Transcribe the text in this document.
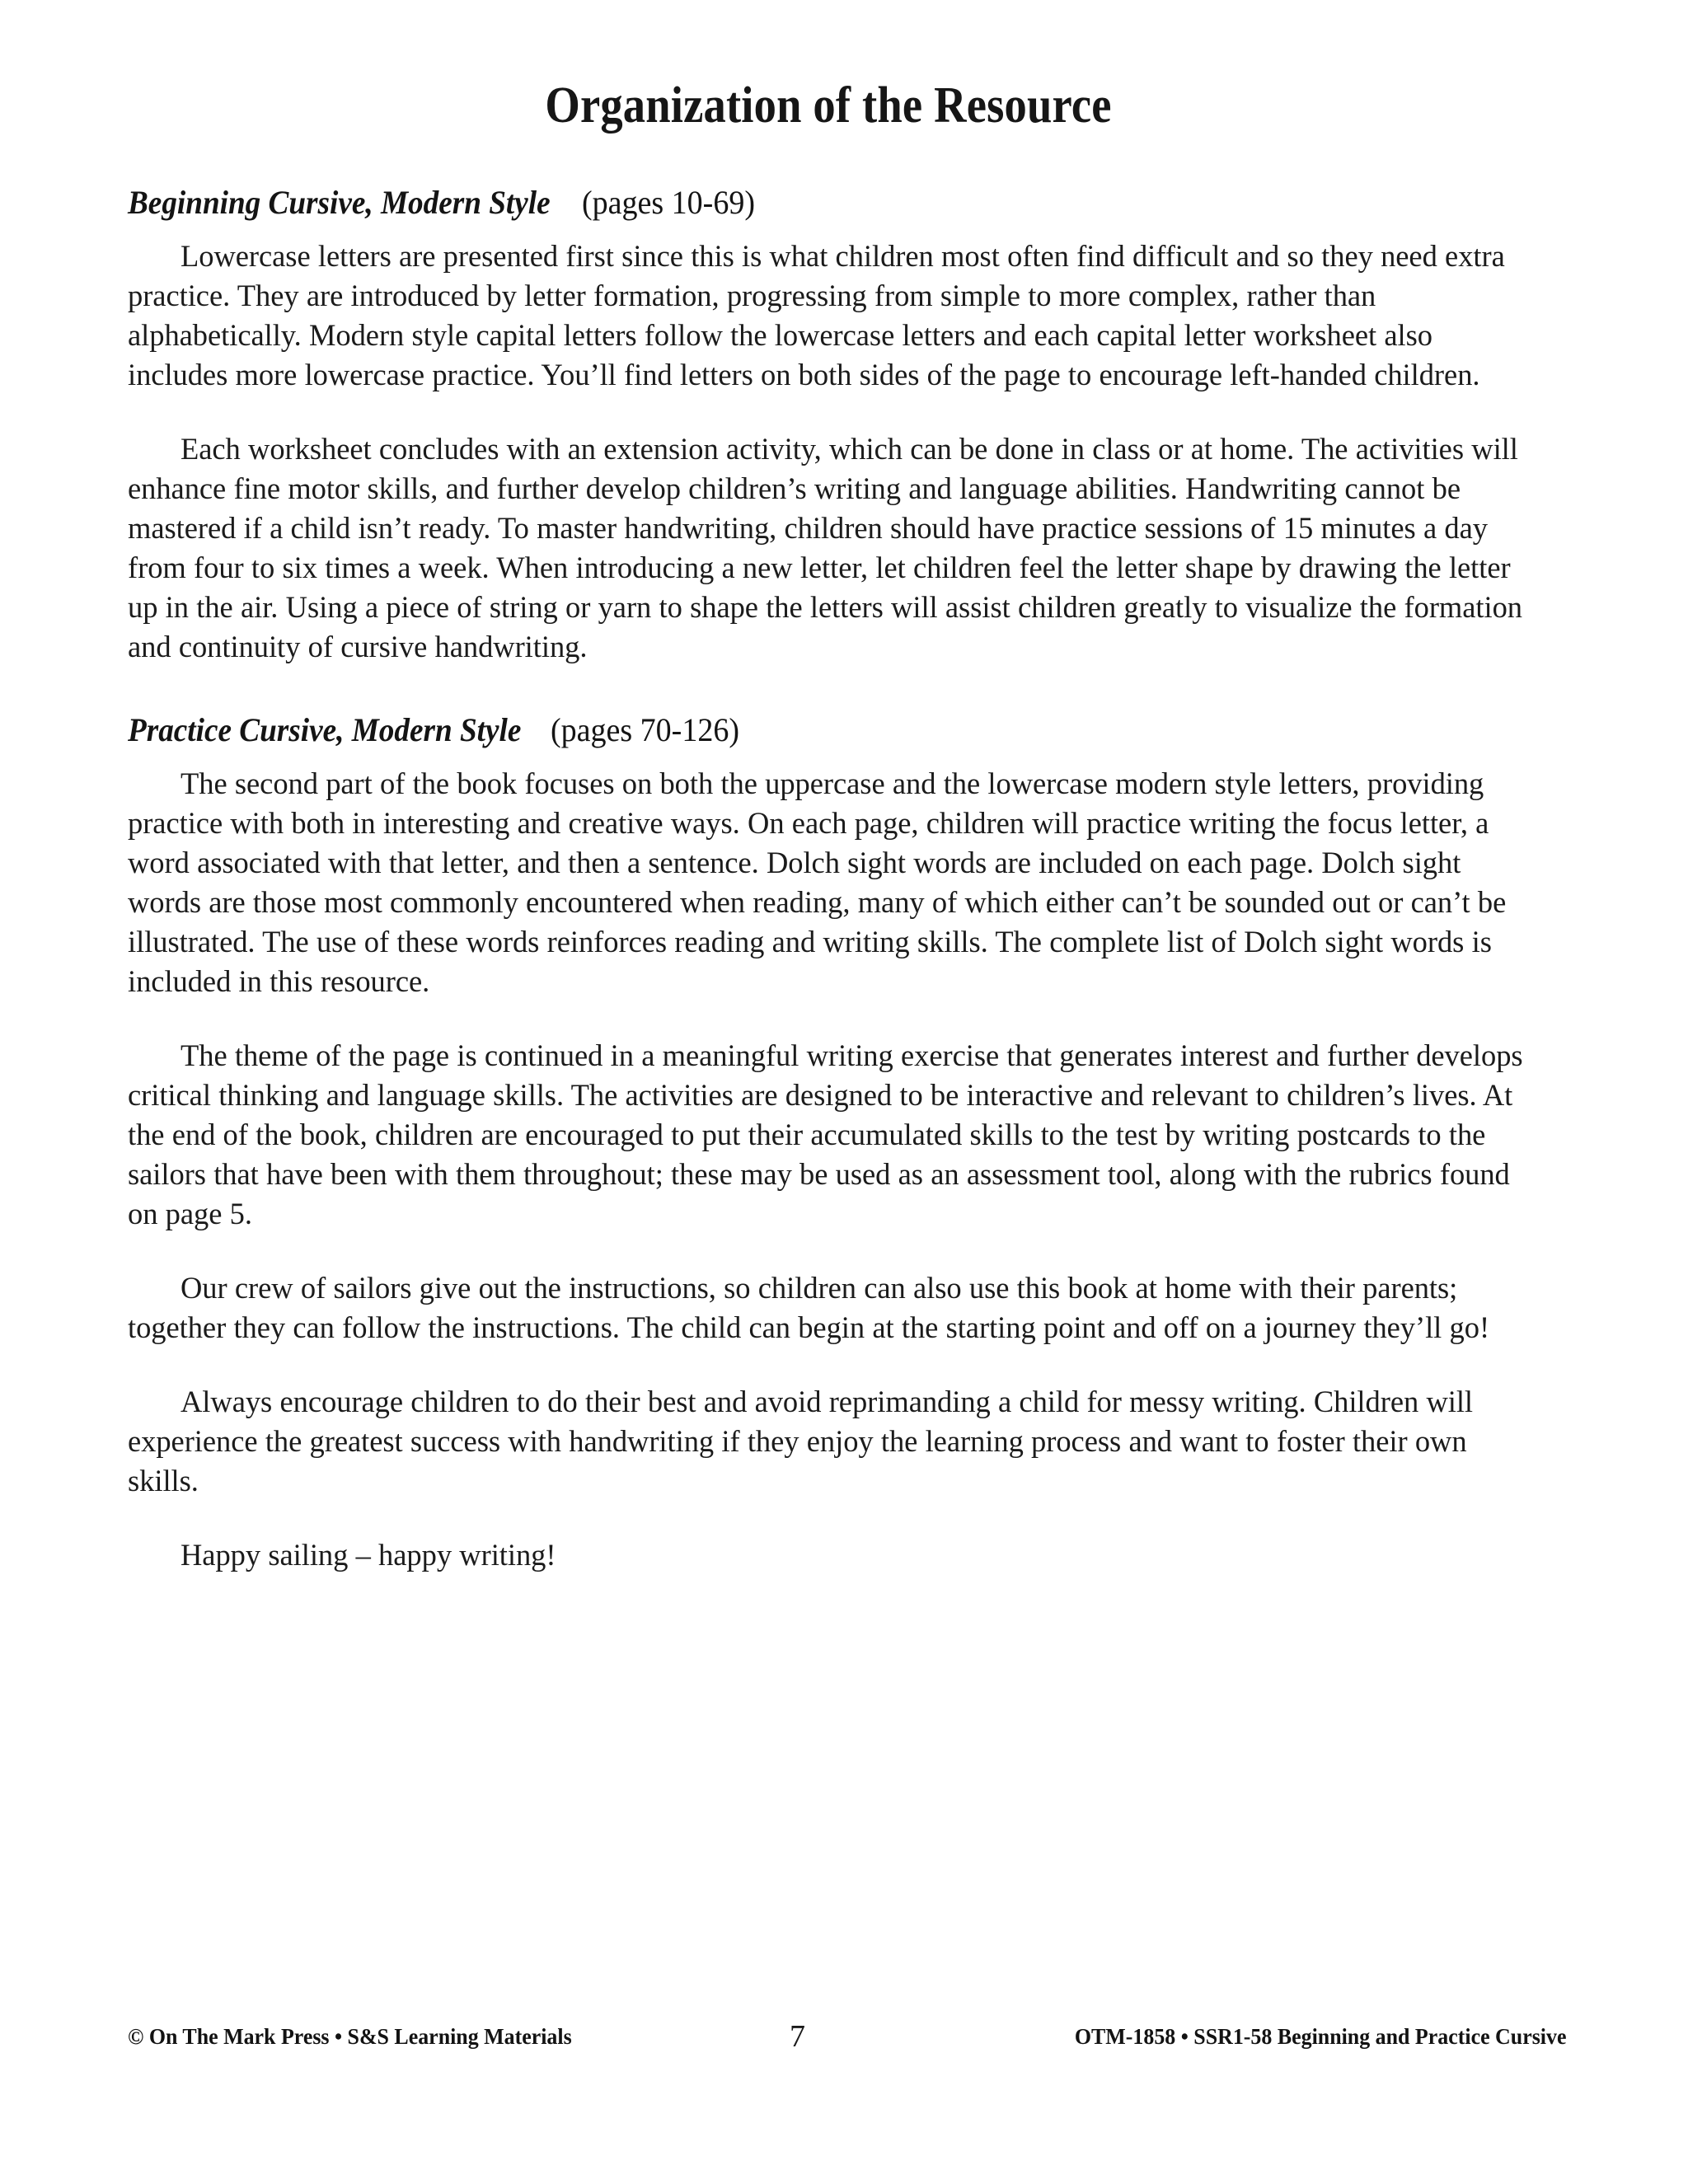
Organization of the Resource
Beginning Cursive, Modern Style(pages 10-69)

Lowercase letters are presented first since this is what children most often find difficult and so they need extra practice. They are introduced by letter formation, progressing from simple to more complex, rather than alphabetically. Modern style capital letters follow the lowercase letters and each capital letter worksheet also includes more lowercase practice. You’ll find letters on both sides of the page to encourage left-handed children.

Each worksheet concludes with an extension activity, which can be done in class or at home. The activities will enhance fine motor skills, and further develop children’s writing and language abilities. Handwriting cannot be mastered if a child isn’t ready. To master handwriting, children should have practice sessions of 15 minutes a day from four to six times a week. When introducing a new letter, let children feel the letter shape by drawing the letter up in the air. Using a piece of string or yarn to shape the letters will assist children greatly to visualize the formation and continuity of cursive handwriting.

Practice Cursive, Modern Style(pages 70-126)

The second part of the book focuses on both the uppercase and the lowercase modern style letters, providing practice with both in interesting and creative ways. On each page, children will practice writing the focus letter, a word associated with that letter, and then a sentence. Dolch sight words are included on each page. Dolch sight words are those most commonly encountered when reading, many of which either can’t be sounded out or can’t be illustrated. The use of these words reinforces reading and writing skills. The complete list of Dolch sight words is included in this resource.

The theme of the page is continued in a meaningful writing exercise that generates interest and further develops critical thinking and language skills. The activities are designed to be interactive and relevant to children’s lives. At the end of the book, children are encouraged to put their accumulated skills to the test by writing postcards to the sailors that have been with them throughout; these may be used as an assessment tool, along with the rubrics found on page 5.

Our crew of sailors give out the instructions, so children can also use this book at home with their parents; together they can follow the instructions. The child can begin at the starting point and off on a journey they’ll go!

Always encourage children to do their best and avoid reprimanding a child for messy writing. Children will experience the greatest success with handwriting if they enjoy the learning process and want to foster their own skills.

Happy sailing – happy writing!

© On The Mark Press • S&S Learning Materials	7	OTM-1858 • SSR1-58 Beginning and Practice Cursive
